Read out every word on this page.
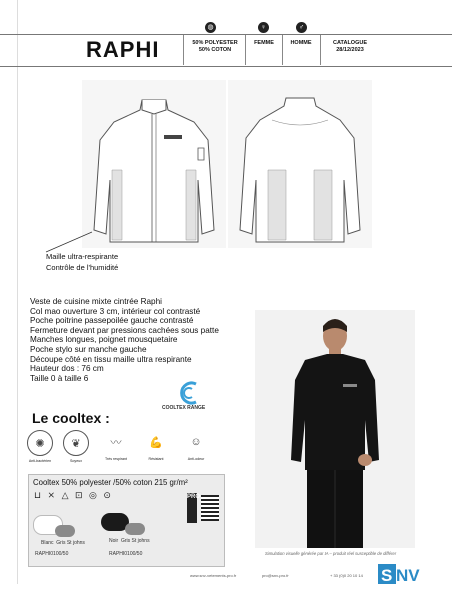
RAPHI
◍	♀	♂
50% POLYESTER
50% COTON
FEMME	HOMME	CATALOGUE
28/12/2023
Maille ultra-respirante
Contrôle de l'humidité
Veste de cuisine mixte cintrée Raphi
Col mao ouverture 3 cm, intérieur col contrasté
Poche poitrine passepoilée gauche contrasté
Fermeture devant par pressions cachées sous patte
Manches longues, poignet mousquetaire
Poche stylo sur manche gauche
Découpe côté en tissu maille ultra respirante
Hauteur dos : 76 cm
Taille 0 à taille 6
COOLTEX RANGE
Le cooltex :
✺
Anti-bactérien
❦
Soyeux
〰
Très respirant
💪
Résistant
☺
Anti-odeur
Cooltex 50% polyester /50% coton 215 gr/m²
⊔ ⨯ △ ⊡ ◎ ⊙	PRO
Blanc Gris St johns
RAPHI0100/50
Noir Gris St johns
RAPHI0100/50	Simulation visuelle générée par IA – produit réel susceptible de différer
www.snv-vetements-pro.fr	pro@snv-pro.fr	+ 33 (0)0 20 10 14 S NV
